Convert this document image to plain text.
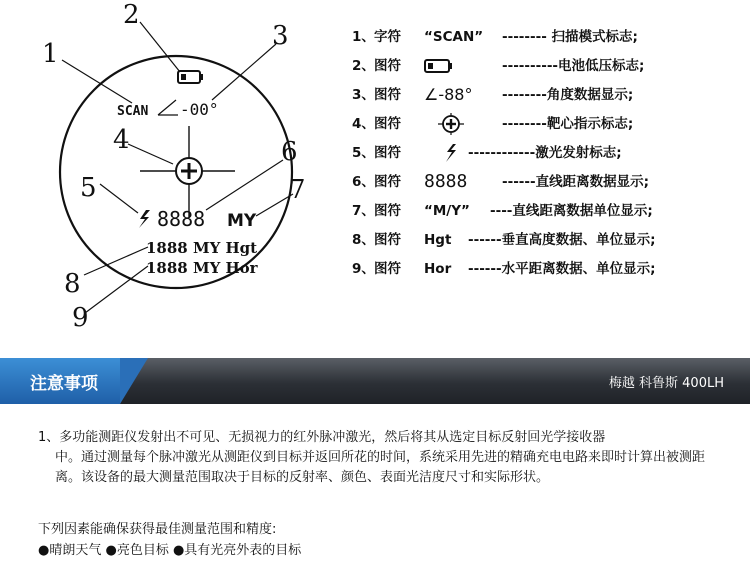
SCAN -00°
8888 MY
1888 MY Hgt
1888 MY Hor
1
2
3
4
5
6
7
8
9
1、字符 “SCAN” -------- 扫描模式标志;
2、图符	----------电池低压标志;
3、图符 ∠-88° --------角度数据显示;
4、图符	--------靶心指示标志;
5、图符	------------激光发射标志;
6、图符 8888	------直线距离数据显示;
7、图符 “M/Y” ----直线距离数据单位显示;
8、图符 Hgt ------垂直高度数据、单位显示;
9、图符 Hor ------水平距离数据、单位显示;
注意事项	梅越 科鲁斯 400LH
1、多功能测距仪发射出不可见、无损视力的红外脉冲激光，然后将其从选定目标反射回光学接收器
中。通过测量每个脉冲激光从测距仪到目标并返回所花的时间，系统采用先进的精确充电电路来即时计算出被测距离。该设备的最大测量范围取决于目标的反射率、颜色、表面光洁度尺寸和实际形状。
下列因素能确保获得最佳测量范围和精度:
●晴朗天气 ●亮色目标 ●具有光亮外表的目标
